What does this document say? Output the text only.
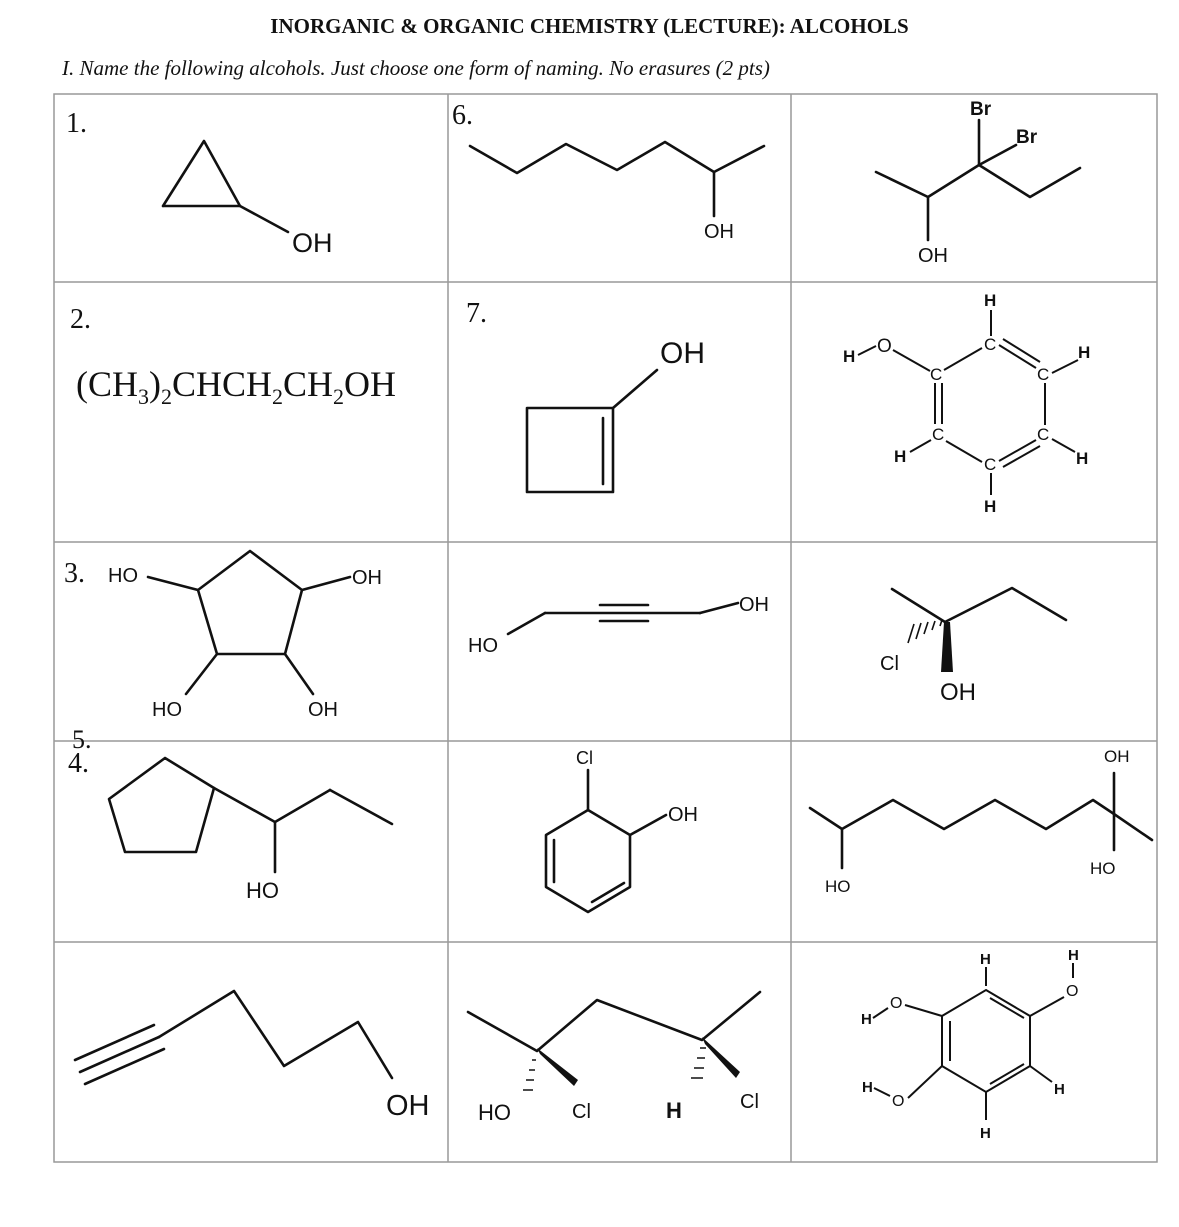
INORGANIC & ORGANIC CHEMISTRY (LECTURE): ALCOHOLS
I. Name the following alcohols. Just choose one form of naming. No erasures (2 pts)
1.	6.
2.	7.
3.
5.
4.
OH	OH
Br
Br
OH
$(CH_3)_2CHCH_2CH_2OH$
OH
H
C
H O
C	C
H
C
H
C
H
C
H
HO	OH
HO	OH
HO
OH
Cl
OH
HO
Cl
OH
HO
OH
HO
OH HO	Cl	H	Cl
H	H
O
H
O
H
O
H
H
